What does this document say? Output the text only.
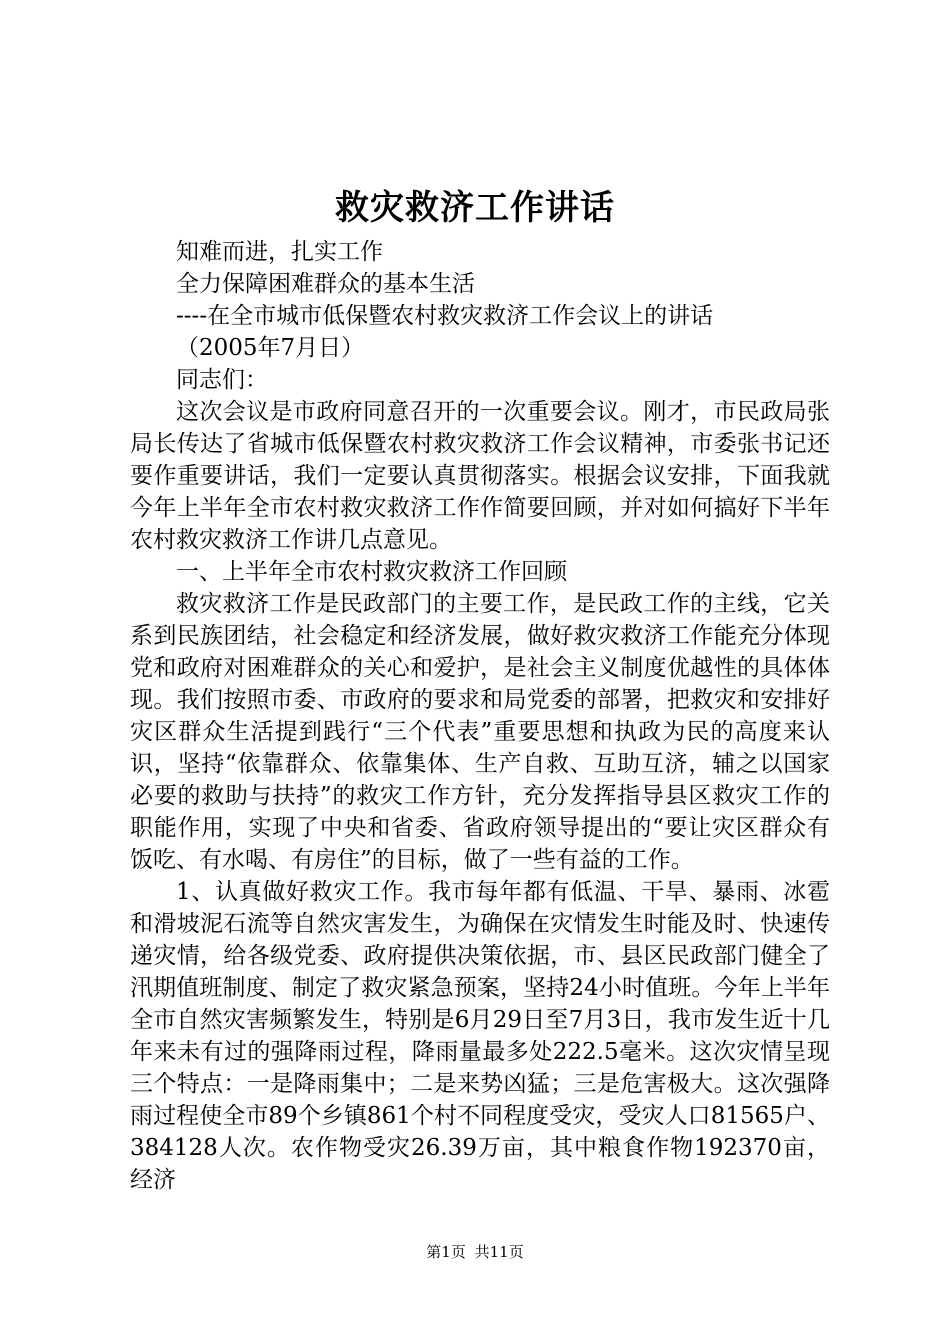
救灾救济工作讲话

知难而进，扎实工作

全力保障困难群众的基本生活

----在全市城市低保暨农村救灾救济工作会议上的讲话

（2005年7月日）

同志们：

这次会议是市政府同意召开的一次重要会议。刚才，市民政局张局长传达了省城市低保暨农村救灾救济工作会议精神，市委张书记还要作重要讲话，我们一定要认真贯彻落实。根据会议安排，下面我就今年上半年全市农村救灾救济工作作简要回顾，并对如何搞好下半年农村救灾救济工作讲几点意见。

一、上半年全市农村救灾救济工作回顾

救灾救济工作是民政部门的主要工作，是民政工作的主线，它关系到民族团结，社会稳定和经济发展，做好救灾救济工作能充分体现党和政府对困难群众的关心和爱护，是社会主义制度优越性的具体体现。我们按照市委、市政府的要求和局党委的部署，把救灾和安排好灾区群众生活提到践行“三个代表”重要思想和执政为民的高度来认识，坚持“依靠群众、依靠集体、生产自救、互助互济，辅之以国家必要的救助与扶持”的救灾工作方针，充分发挥指导县区救灾工作的职能作用，实现了中央和省委、省政府领导提出的“要让灾区群众有饭吃、有水喝、有房住”的目标，做了一些有益的工作。

1、认真做好救灾工作。我市每年都有低温、干旱、暴雨、冰雹和滑坡泥石流等自然灾害发生，为确保在灾情发生时能及时、快速传递灾情，给各级党委、政府提供决策依据，市、县区民政部门健全了汛期值班制度、制定了救灾紧急预案，坚持24小时值班。今年上半年全市自然灾害频繁发生，特别是6月29日至7月3日，我市发生近十几年来未有过的强降雨过程，降雨量最多处222.5毫米。这次灾情呈现三个特点：一是降雨集中；二是来势凶猛；三是危害极大。这次强降雨过程使全市89个乡镇861个村不同程度受灾，受灾人口81565户、384128人次。农作物受灾26.39万亩，其中粮食作物192370亩，经济

第1页 共11页
